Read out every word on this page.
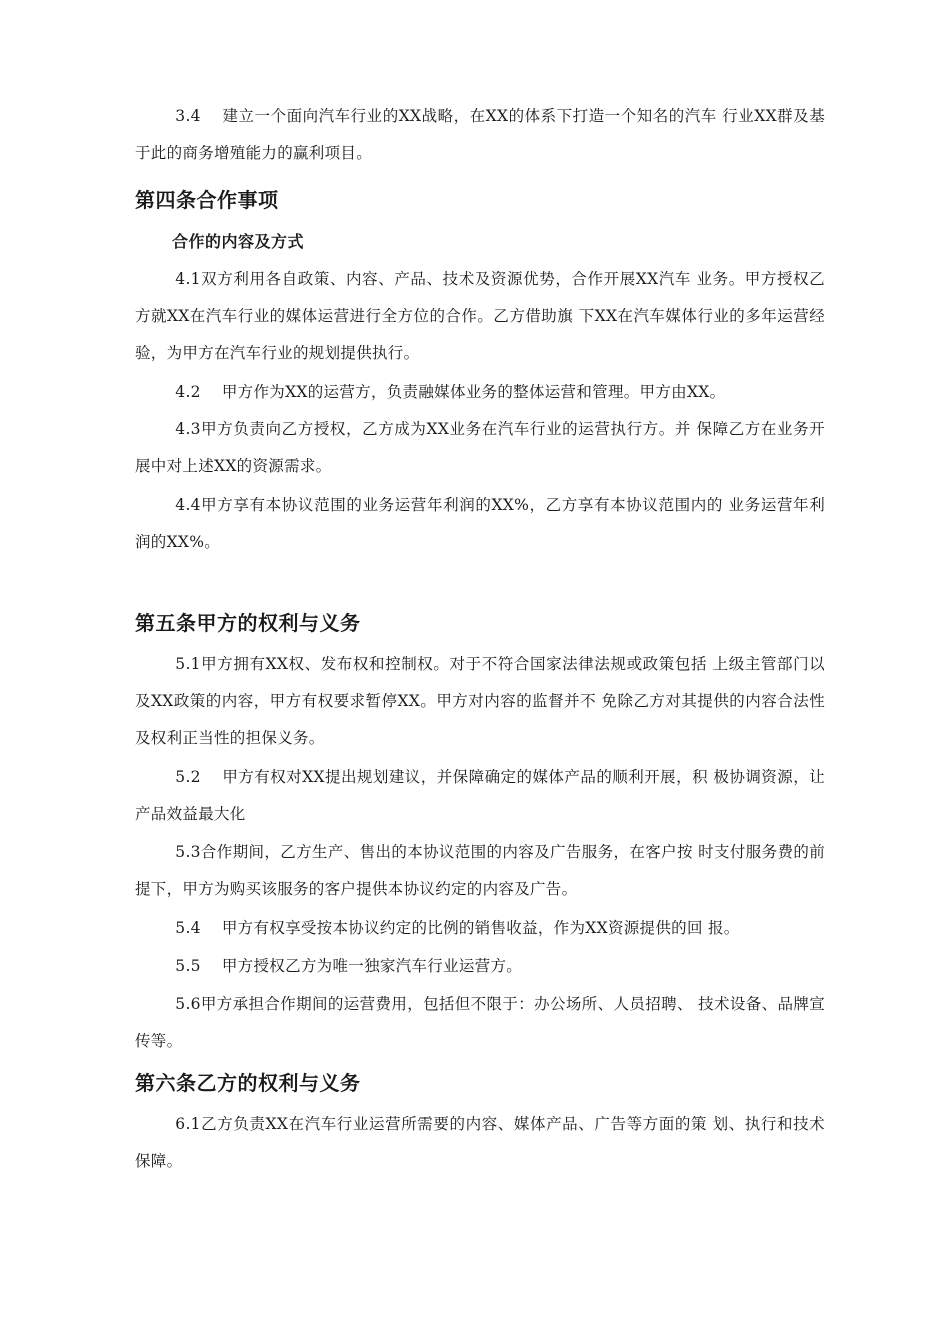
3.4　 建立一个面向汽车行业的XX战略，在XX的体系下打造一个知名的汽车 行业XX群及基于此的商务增殖能力的赢利项目。

第四条合作事项
合作的内容及方式

4.1双方利用各自政策、内容、产品、技术及资源优势，合作开展XX汽车 业务。甲方授权乙方就XX在汽车行业的媒体运营进行全方位的合作。乙方借助旗 下XX在汽车媒体行业的多年运营经验，为甲方在汽车行业的规划提供执行。

4.2　 甲方作为XX的运营方，负责融媒体业务的整体运营和管理。甲方由XX。

4.3甲方负责向乙方授权，乙方成为XX业务在汽车行业的运营执行方。并 保障乙方在业务开展中对上述XX的资源需求。

4.4甲方享有本协议范围的业务运营年利润的XX%，乙方享有本协议范围内的 业务运营年利润的XX%。

第五条甲方的权利与义务

5.1甲方拥有XX权、发布权和控制权。对于不符合国家法律法规或政策包括 上级主管部门以及XX政策的内容，甲方有权要求暂停XX。甲方对内容的监督并不 免除乙方对其提供的内容合法性及权利正当性的担保义务。

5.2　 甲方有权对XX提出规划建议，并保障确定的媒体产品的顺利开展，积 极协调资源，让产品效益最大化

5.3合作期间，乙方生产、售出的本协议范围的内容及广告服务，在客户按 时支付服务费的前提下，甲方为购买该服务的客户提供本协议约定的内容及广告。

5.4　 甲方有权享受按本协议约定的比例的销售收益，作为XX资源提供的回 报。

5.5　 甲方授权乙方为唯一独家汽车行业运营方。

5.6甲方承担合作期间的运营费用，包括但不限于：办公场所、人员招聘、 技术设备、品牌宣传等。

第六条乙方的权利与义务

6.1乙方负责XX在汽车行业运营所需要的内容、媒体产品、广告等方面的策 划、执行和技术保障。
